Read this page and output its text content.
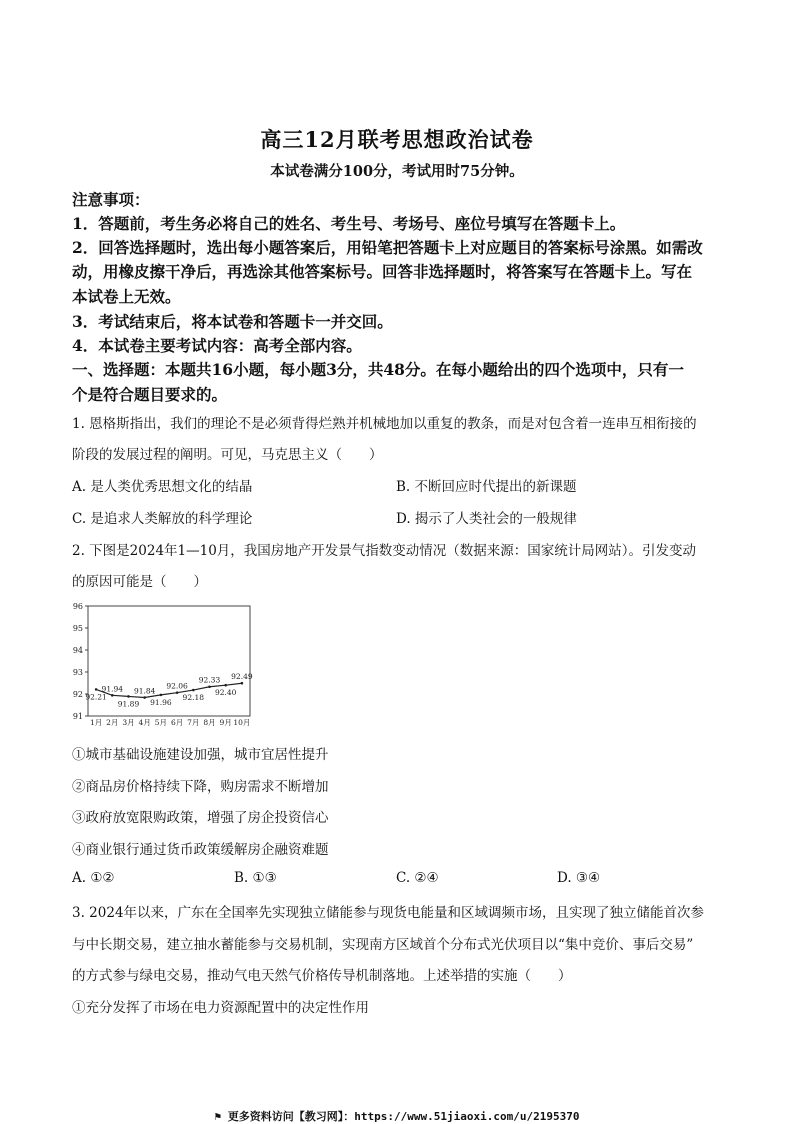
高三12月联考思想政治试卷
本试卷满分100分，考试用时75分钟。
注意事项：
1．答题前，考生务必将自己的姓名、考生号、考场号、座位号填写在答题卡上。
2．回答选择题时，选出每小题答案后，用铅笔把答题卡上对应题目的答案标号涂黑。如需改
动，用橡皮擦干净后，再选涂其他答案标号。回答非选择题时，将答案写在答题卡上。写在
本试卷上无效。
3．考试结束后，将本试卷和答题卡一并交回。
4．本试卷主要考试内容：高考全部内容。
一、选择题：本题共16小题，每小题3分，共48分。在每小题给出的四个选项中，只有一
个是符合题目要求的。
1. 恩格斯指出，我们的理论不是必须背得烂熟并机械地加以重复的教条，而是对包含着一连串互相衔接的
阶段的发展过程的阐明。可见，马克思主义（　　）
A. 是人类优秀思想文化的结晶	B. 不断回应时代提出的新课题
C. 是追求人类解放的科学理论	D. 揭示了人类社会的一般规律
2. 下图是2024年1—10月，我国房地产开发景气指数变动情况（数据来源：国家统计局网站）。引发变动
的原因可能是（　　）
91
92
93
94
95
96
1月 2月 3月 4月 5月 6月 7月 8月 9月 10月
92.21
91.94
91.89
91.84
91.96
92.06
92.18
92.33
92.40
92.49
①城市基础设施建设加强，城市宜居性提升
②商品房价格持续下降，购房需求不断增加
③政府放宽限购政策，增强了房企投资信心
④商业银行通过货币政策缓解房企融资难题
A. ①②	B. ①③	C. ②④	D. ③④
3. 2024年以来，广东在全国率先实现独立储能参与现货电能量和区域调频市场，且实现了独立储能首次参
与中长期交易，建立抽水蓄能参与交易机制，实现南方区域首个分布式光伏项目以“集中竞价、事后交易”
的方式参与绿电交易，推动气电天然气价格传导机制落地。上述举措的实施（　　）
①充分发挥了市场在电力资源配置中的决定性作用
⚑ 更多资料访问【教习网】：https://www.51jiaoxi.com/u/2195370
